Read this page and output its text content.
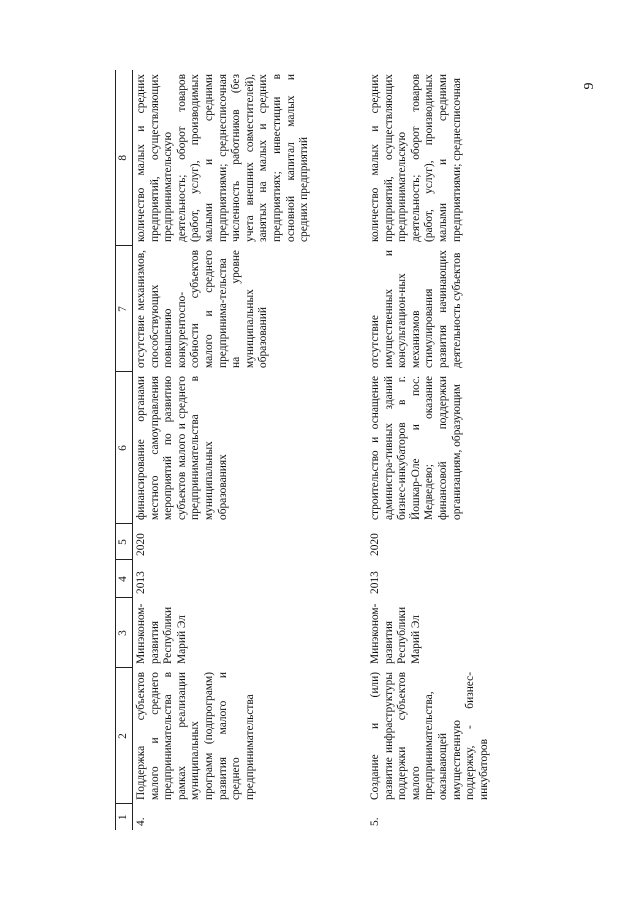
9
1	2	3	4	5	6	7	8
4.	Поддержка субъектов малого и среднего предпринимательства в рамках реализации муниципальных программ (подпрограмм) развития малого и среднего предпринимательства	Минэконом-развития Республики Марий Эл	2013	2020	финансирование органами местного самоуправления мероприятий по развитию субъектов малого и среднего предпринимательства в муниципальных образованиях	отсутствие механизмов, способствующих повышению конкурентоспо-собности субъектов малого и среднего предпринима-тельства на уровне муниципальных образований	количество малых и средних предприятий, осуществляющих предпринимательскую деятельность; оборот товаров (работ, услуг), производимых малыми и средними предприятиями; среднесписочная численность работников (без учета внешних совместителей), занятых на малых и средних предприятиях; инвестиции в основной капитал малых и средних предприятий
5.	Создание и (или) развитие инфраструктуры поддержки субъектов малого предпринимательства, оказывающей имущественную поддержку, - бизнес-инкубаторов	Минэконом-развития Республики Марий Эл	2013	2020	строительство и оснащение администра-тивных зданий бизнес-инкубаторов в г. Йошкар-Оле и пос. Медведево; оказание финансовой поддержки организациям, образующим	отсутствие имущественных и консультацион-ных механизмов стимулирования развития начинающих деятельность субъектов	количество малых и средних предприятий, осуществляющих предпринимательскую деятельность; оборот товаров (работ, услуг), производимых малыми и средними предприятиями; среднесписочная
